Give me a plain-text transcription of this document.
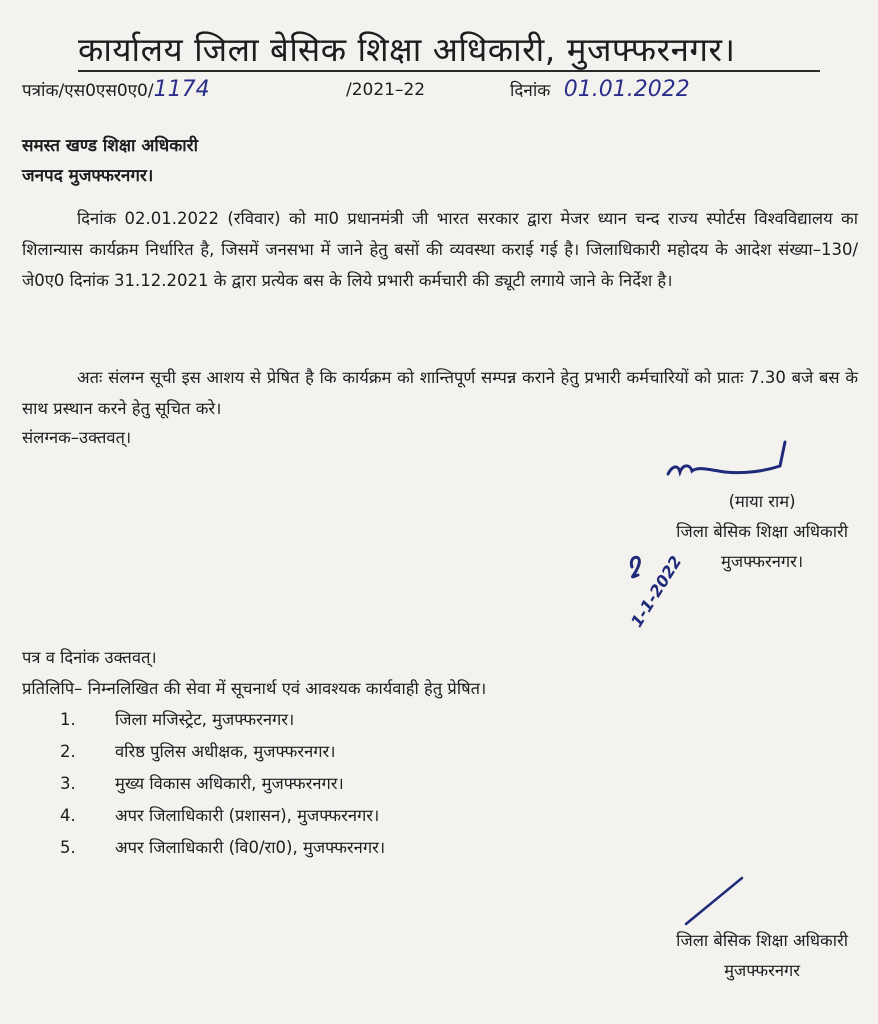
कार्यालय जिला बेसिक शिक्षा अधिकारी, मुजफ्फरनगर।
पत्रांक/एस0एस0ए0/1174	/2021–22	दिनांक 01.01.2022
समस्त खण्ड शिक्षा अधिकारी
जनपद मुजफ्फरनगर।

दिनांक 02.01.2022 (रविवार) को मा0 प्रधानमंत्री जी भारत सरकार द्वारा मेजर ध्यान चन्द राज्य स्पोर्टस विश्वविद्यालय का शिलान्यास कार्यक्रम निर्धारित है, जिसमें जनसभा में जाने हेतु बसों की व्यवस्था कराई गई है। जिलाधिकारी महोदय के आदेश संख्या–130/जे0ए0 दिनांक 31.12.2021 के द्वारा प्रत्येक बस के लिये प्रभारी कर्मचारी की ड्यूटी लगाये जाने के निर्देश है।

अतः संलग्न सूची इस आशय से प्रेषित है कि कार्यक्रम को शान्तिपूर्ण सम्पन्न कराने हेतु प्रभारी कर्मचारियों को प्रातः 7.30 बजे बस के साथ प्रस्थान करने हेतु सूचित करे।

संलग्नक–उक्तवत्।
(माया राम)
जिला बेसिक शिक्षा अधिकारी
मुजफ्फरनगर।
1-1-2022
पत्र व दिनांक उक्तवत्।
प्रतिलिपि– निम्नलिखित की सेवा में सूचनार्थ एवं आवश्यक कार्यवाही हेतु प्रेषित।
1.	जिला मजिस्ट्रेट, मुजफ्फरनगर।
2.	वरिष्ठ पुलिस अधीक्षक, मुजफ्फरनगर।
3.	मुख्य विकास अधिकारी, मुजफ्फरनगर।
4.	अपर जिलाधिकारी (प्रशासन), मुजफ्फरनगर।
5.	अपर जिलाधिकारी (वि0/रा0), मुजफ्फरनगर।
जिला बेसिक शिक्षा अधिकारी
मुजफ्फरनगर
